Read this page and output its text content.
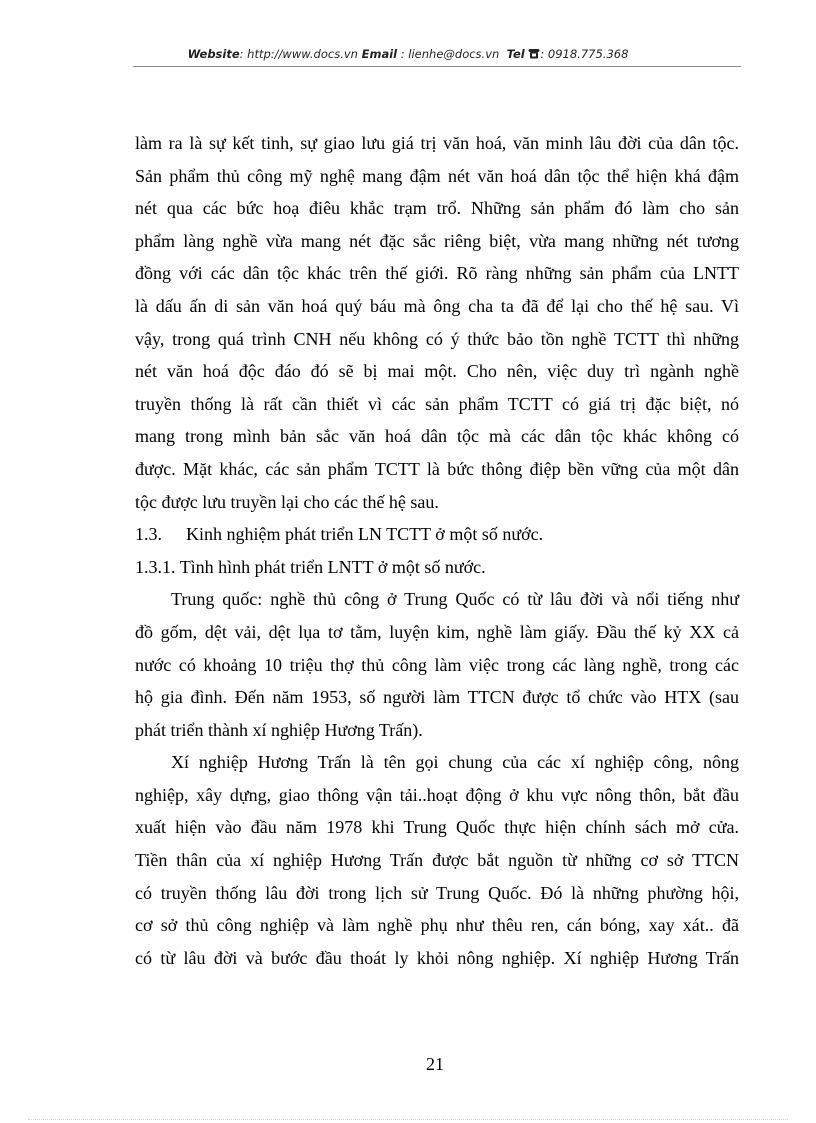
Website: http://www.docs.vn Email : lienhe@docs.vn Tel : 0918.775.368

làm ra là sự kết tinh, sự giao lưu giá trị văn hoá, văn minh lâu đời của dân tộc.

Sản phẩm thủ công mỹ nghệ mang đậm nét văn hoá dân tộc thể hiện khá đậm

nét qua các bức hoạ điêu khắc trạm trổ. Những sản phẩm đó làm cho sản

phẩm làng nghề vừa mang nét đặc sắc riêng biệt, vừa mang những nét tương

đồng với các dân tộc khác trên thế giới. Rõ ràng những sản phẩm của LNTT

là dấu ấn di sản văn hoá quý báu mà ông cha ta đã để lại cho thế hệ sau. Vì

vậy, trong quá trình CNH nếu không có ý thức bảo tồn nghề TCTT thì những

nét văn hoá độc đáo đó sẽ bị mai một. Cho nên, việc duy trì ngành nghề

truyền thống là rất cần thiết vì các sản phẩm TCTT có giá trị đặc biệt, nó

mang trong mình bản sắc văn hoá dân tộc mà các dân tộc khác không có

được. Mặt khác, các sản phẩm TCTT là bức thông điệp bền vững của một dân

tộc được lưu truyền lại cho các thế hệ sau.

1.3. Kinh nghiệm phát triển LN TCTT ở một số nước.

1.3.1. Tình hình phát triển LNTT ở một số nước.

Trung quốc: nghề thủ công ở Trung Quốc có từ lâu đời và nổi tiếng như

đồ gốm, dệt vải, dệt lụa tơ tằm, luyện kim, nghề làm giấy. Đầu thế kỷ XX cả

nước có khoảng 10 triệu thợ thủ công làm việc trong các làng nghề, trong các

hộ gia đình. Đến năm 1953, số người làm TTCN được tổ chức vào HTX (sau

phát triển thành xí nghiệp Hương Trấn).

Xí nghiệp Hương Trấn là tên gọi chung của các xí nghiệp công, nông

nghiệp, xây dựng, giao thông vận tải..hoạt động ở khu vực nông thôn, bắt đầu

xuất hiện vào đầu năm 1978 khi Trung Quốc thực hiện chính sách mở cửa.

Tiền thân của xí nghiệp Hương Trấn được bắt nguồn từ những cơ sở TTCN

có truyền thống lâu đời trong lịch sử Trung Quốc. Đó là những phường hội,

cơ sở thủ công nghiệp và làm nghề phụ như thêu ren, cán bóng, xay xát.. đã

có từ lâu đời và bước đầu thoát ly khỏi nông nghiệp. Xí nghiệp Hương Trấn

21
